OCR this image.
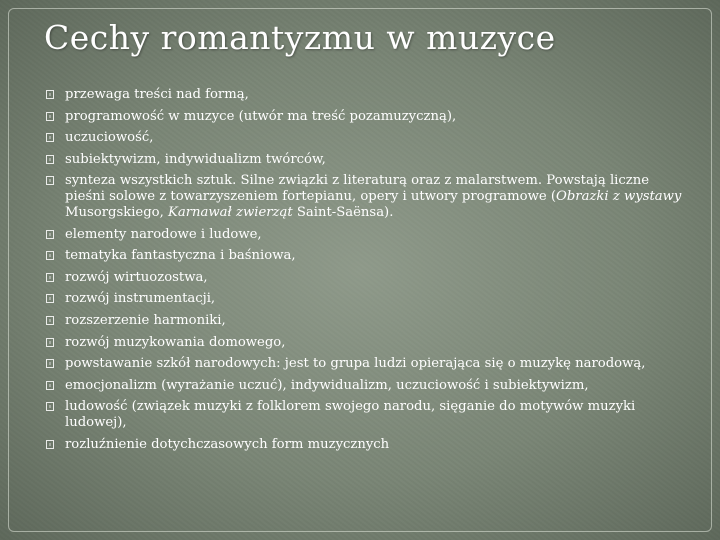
Cechy romantyzmu w muzyce
przewaga treści nad formą,
programowość w muzyce (utwór ma treść pozamuzyczną),
uczuciowość,
subiektywizm, indywidualizm twórców,
synteza wszystkich sztuk. Silne związki z literaturą oraz z malarstwem. Powstają liczne pieśni solowe z towarzyszeniem fortepianu, opery i utwory programowe (Obrazki z wystawy Musorgskiego, Karnawał zwierząt Saint-Saënsa).
elementy narodowe i ludowe,
tematyka fantastyczna i baśniowa,
rozwój wirtuozostwa,
rozwój instrumentacji,
rozszerzenie harmoniki,
rozwój muzykowania domowego,
powstawanie szkół narodowych: jest to grupa ludzi opierająca się o muzykę narodową,
emocjonalizm (wyrażanie uczuć), indywidualizm, uczuciowość i subiektywizm,
ludowość (związek muzyki z folklorem swojego narodu, sięganie do motywów muzyki ludowej),
rozluźnienie dotychczasowych form muzycznych
